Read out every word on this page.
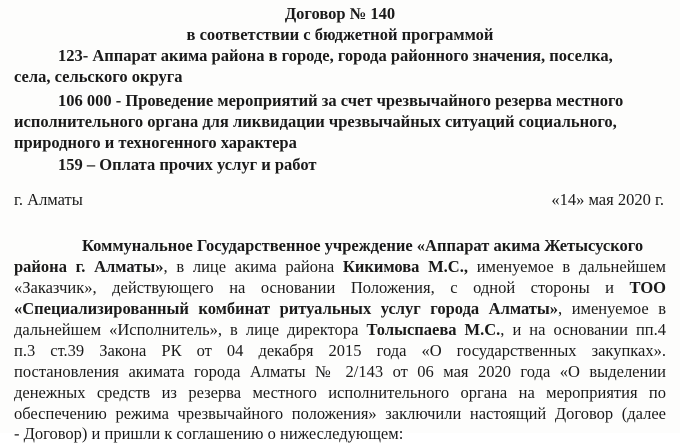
Договор № 140
в соответствии с бюджетной программой
123- Аппарат акима района в городе, города районного значения, поселка,
села, сельского округа
106 000 - Проведение мероприятий за счет чрезвычайного резерва местного
исполнительного органа для ликвидации чрезвычайных ситуаций социального,
природного и техногенного характера
159 – Оплата прочих услуг и работ
г. Алматы	«14» мая 2020 г.
Коммунальное Государственное учреждение «Аппарат акима Жетысуского
района г. Алматы», в лице акима района Кикимова М.С., именуемое в дальнейшем
«Заказчик», действующего на основании Положения, с одной стороны и ТОО
«Специализированный комбинат ритуальных услуг города Алматы», именуемое в
дальнейшем «Исполнитель», в лице директора Толыспаева М.С., и на основании пп.4
п.3 ст.39 Закона РК от 04 декабря 2015 года «О государственных закупках».
постановления акимата города Алматы № 2/143 от 06 мая 2020 года «О выделении
денежных средств из резерва местного исполнительного органа на мероприятия по
обеспечению режима чрезвычайного положения» заключили настоящий Договор (далее
- Договор) и пришли к соглашению о нижеследующем:
